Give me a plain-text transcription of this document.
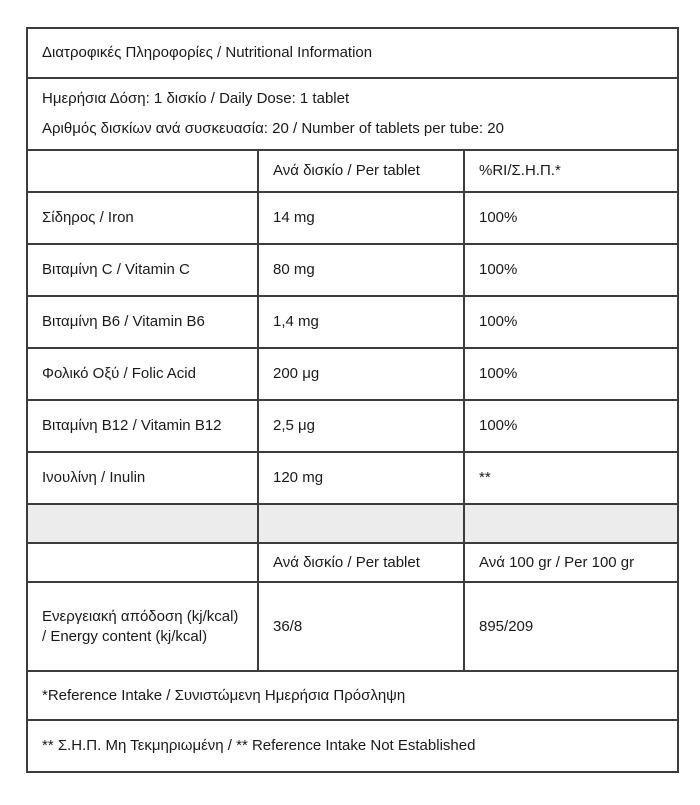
Διατροφικές Πληροφορίες / Nutritional Information		

Ημερήσια Δόση: 1 δισκίο / Daily Dose: 1 tablet
Αριθμός δισκίων ανά συσκευασία: 20 / Number of tablets per tube: 20		

	Ανά δισκίο / Per tablet	%RI/Σ.Η.Π.*
Σίδηρος / Iron	14 mg	100%
Βιταμίνη C / Vitamin C	80 mg	100%
Βιταμίνη B6 / Vitamin B6	1,4 mg	100%
Φολικό Οξύ / Folic Acid	200 μg	100%
Βιταμίνη B12 / Vitamin B12	2,5 μg	100%
Ινουλίνη / Inulin	120 mg	**

	Ανά δισκίο / Per tablet	Ανά 100 gr / Per 100 gr
Ενεργειακή απόδοση (kj/kcal) / Energy content (kj/kcal)	36/8	895/209
*Reference Intake / Συνιστώμενη Ημερήσια Πρόσληψη		
** Σ.Η.Π. Μη Τεκμηριωμένη / ** Reference Intake Not Established		
